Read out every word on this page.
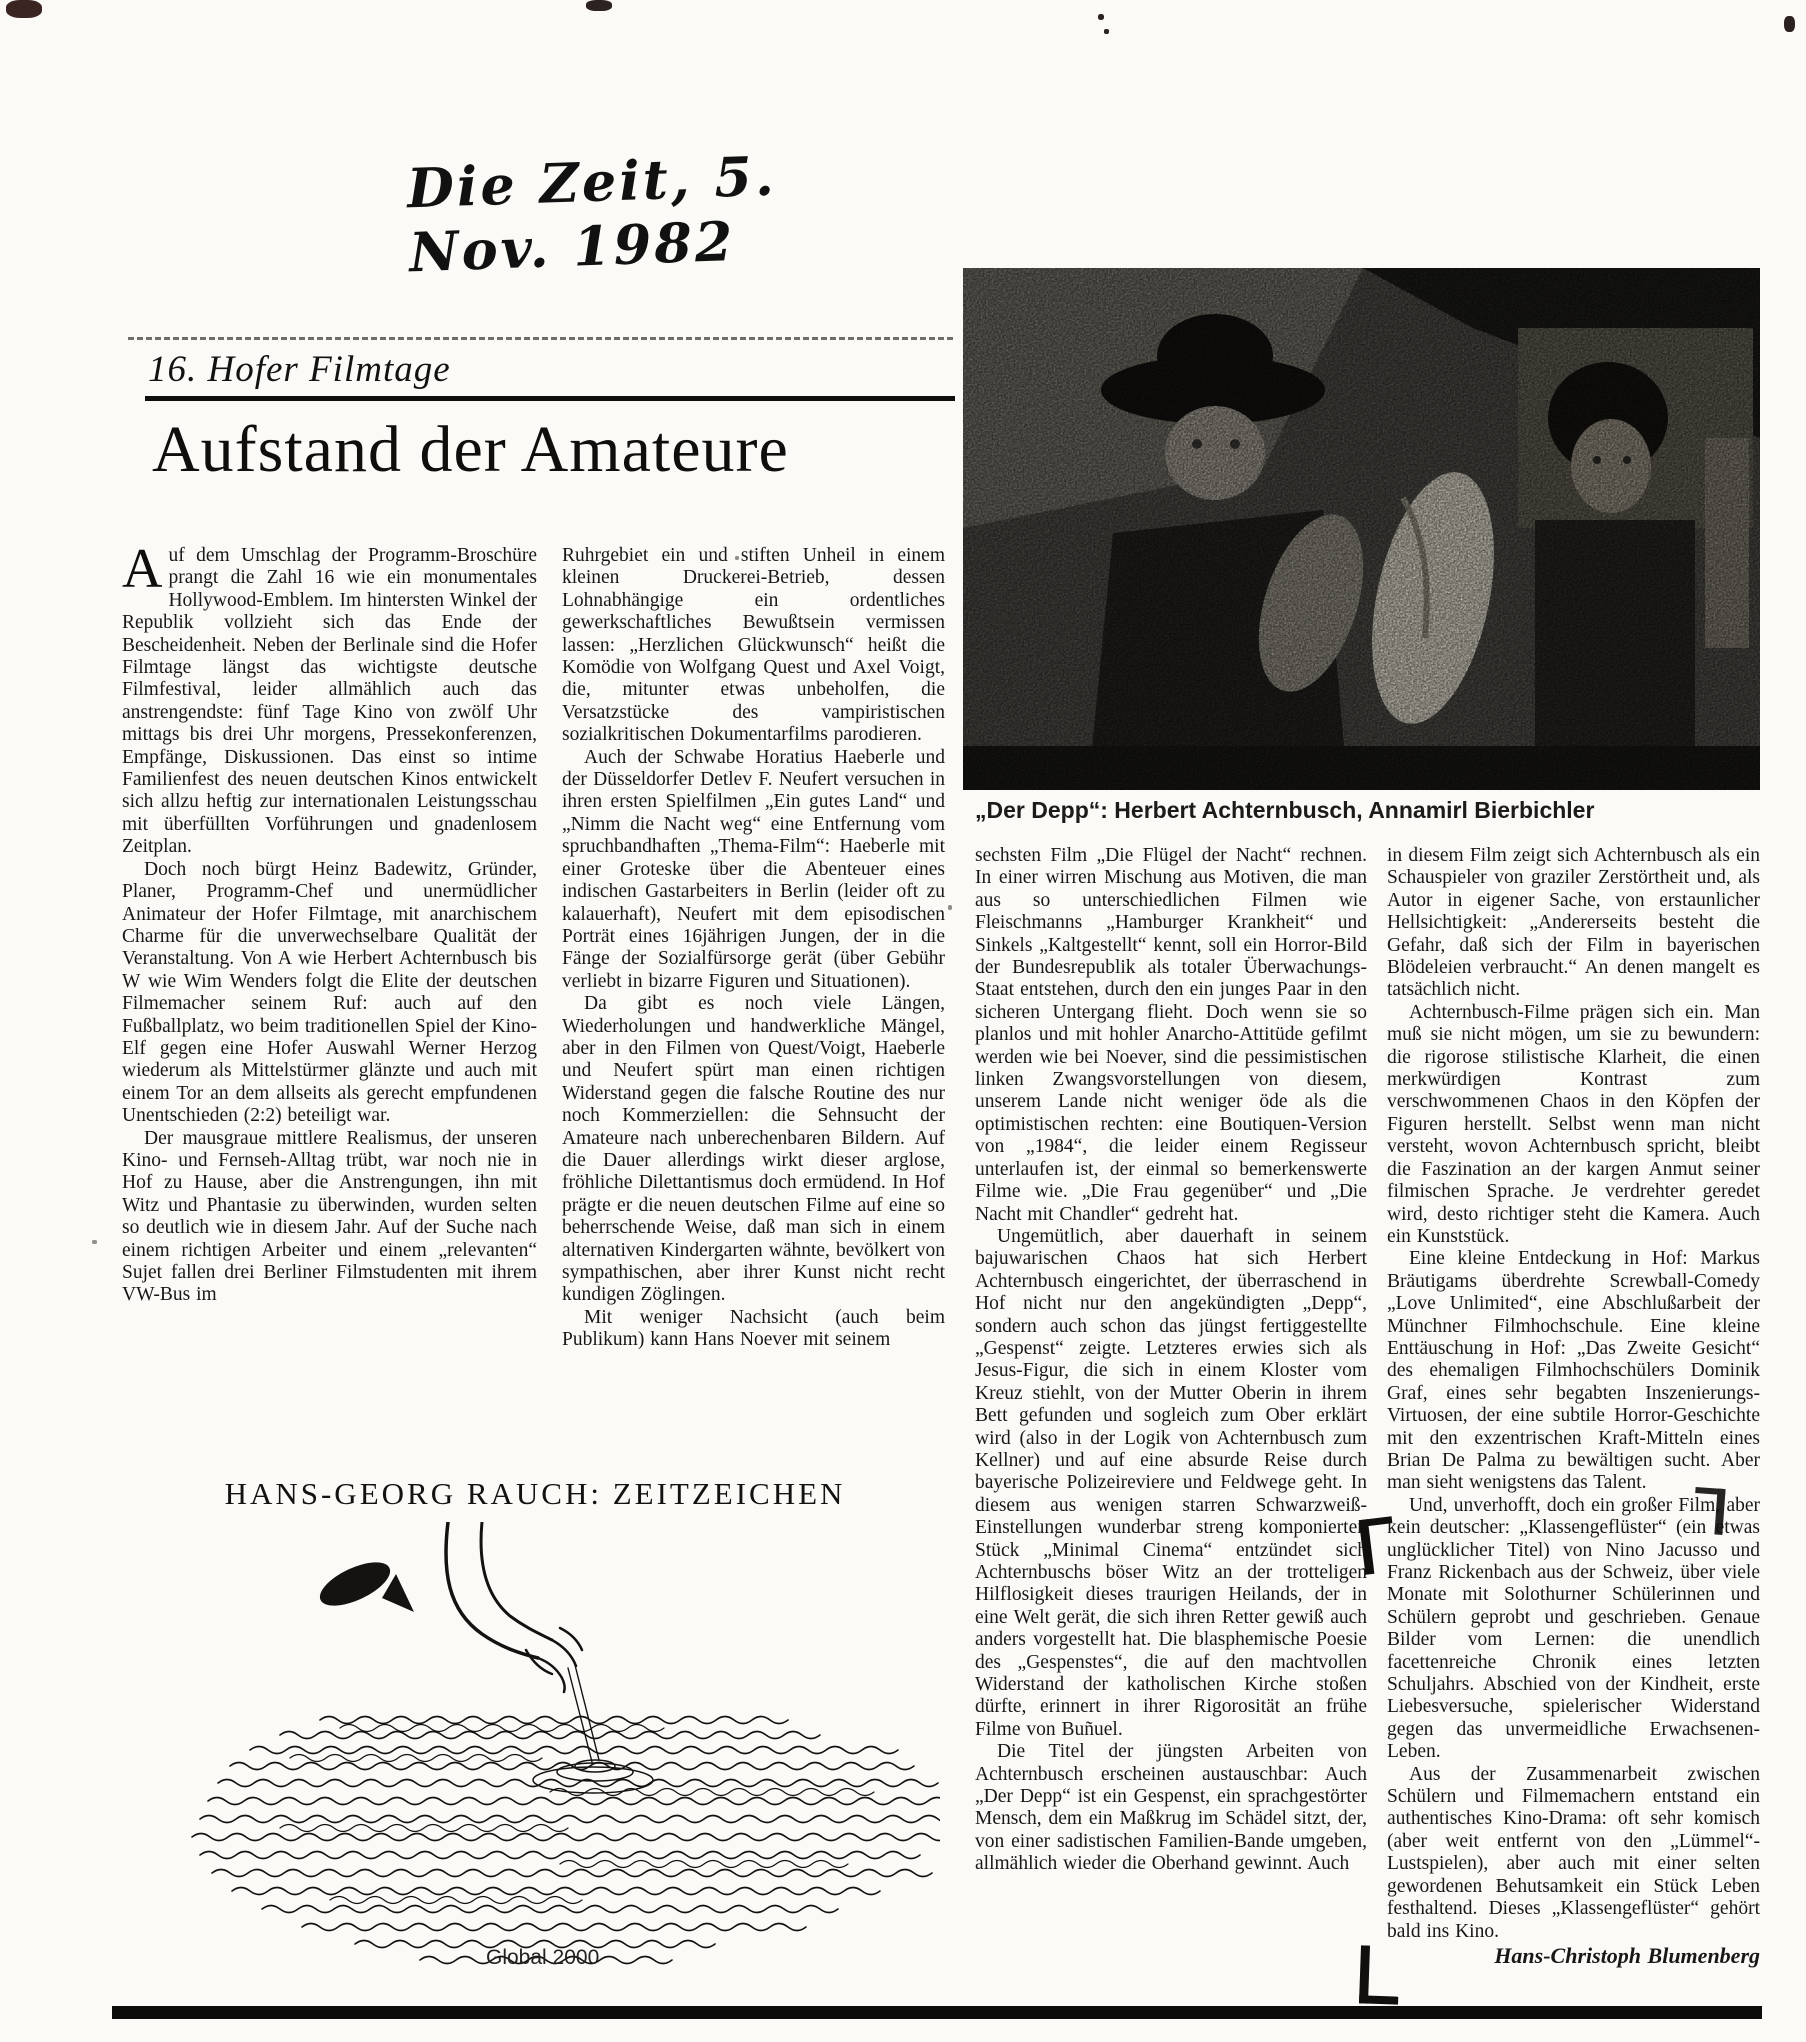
Die Zeit, 5. Nov. 1982
16. Hofer Filmtage
Aufstand der Amateure

Auf dem Umschlag der Programm-Broschüre prangt die Zahl 16 wie ein monumentales Hollywood-Emblem. Im hintersten Winkel der Republik vollzieht sich das Ende der Bescheidenheit. Neben der Berlinale sind die Hofer Filmtage längst das wichtigste deutsche Filmfestival, leider allmählich auch das anstrengendste: fünf Tage Kino von zwölf Uhr mittags bis drei Uhr morgens, Pressekonferenzen, Empfänge, Diskussionen. Das einst so intime Familienfest des neuen deutschen Kinos entwickelt sich allzu heftig zur internationalen Leistungsschau mit überfüllten Vorführungen und gnadenlosem Zeitplan.

Doch noch bürgt Heinz Badewitz, Gründer, Planer, Programm-Chef und unermüdlicher Animateur der Hofer Filmtage, mit anarchischem Charme für die unverwechselbare Qualität der Veranstaltung. Von A wie Herbert Achternbusch bis W wie Wim Wenders folgt die Elite der deutschen Filmemacher seinem Ruf: auch auf den Fußballplatz, wo beim traditionellen Spiel der Kino-Elf gegen eine Hofer Auswahl Werner Herzog wiederum als Mittelstürmer glänzte und auch mit einem Tor an dem allseits als gerecht empfundenen Unentschieden (2:2) beteiligt war.

Der mausgraue mittlere Realismus, der unseren Kino- und Fernseh-Alltag trübt, war noch nie in Hof zu Hause, aber die Anstrengungen, ihn mit Witz und Phantasie zu überwinden, wurden selten so deutlich wie in diesem Jahr. Auf der Suche nach einem richtigen Arbeiter und einem „relevanten“ Sujet fallen drei Berliner Filmstudenten mit ihrem VW-Bus im

Ruhrgebiet ein und stiften Unheil in einem kleinen Druckerei-Betrieb, dessen Lohnabhängige ein ordentliches gewerkschaftliches Bewußtsein vermissen lassen: „Herzlichen Glückwunsch“ heißt die Komödie von Wolfgang Quest und Axel Voigt, die, mitunter etwas unbeholfen, die Versatzstücke des vampiristischen sozialkritischen Dokumentarfilms parodieren.

Auch der Schwabe Horatius Haeberle und der Düsseldorfer Detlev F. Neufert versuchen in ihren ersten Spielfilmen „Ein gutes Land“ und „Nimm die Nacht weg“ eine Entfernung vom spruchbandhaften „Thema-Film“: Haeberle mit einer Groteske über die Abenteuer eines indischen Gastarbeiters in Berlin (leider oft zu kalauerhaft), Neufert mit dem episodischen Porträt eines 16jährigen Jungen, der in die Fänge der Sozialfürsorge gerät (über Gebühr verliebt in bizarre Figuren und Situationen).

Da gibt es noch viele Längen, Wiederholungen und handwerkliche Mängel, aber in den Filmen von Quest/Voigt, Haeberle und Neufert spürt man einen richtigen Widerstand gegen die falsche Routine des nur noch Kommerziellen: die Sehnsucht der Amateure nach unberechenbaren Bildern. Auf die Dauer allerdings wirkt dieser arglose, fröhliche Dilettantismus doch ermüdend. In Hof prägte er die neuen deutschen Filme auf eine so beherrschende Weise, daß man sich in einem alternativen Kindergarten wähnte, bevölkert von sympathischen, aber ihrer Kunst nicht recht kundigen Zöglingen.

Mit weniger Nachsicht (auch beim Publikum) kann Hans Noever mit seinem

„Der Depp“: Herbert Achternbusch, Annamirl Bierbichler

sechsten Film „Die Flügel der Nacht“ rechnen. In einer wirren Mischung aus Motiven, die man aus so unterschiedlichen Filmen wie Fleischmanns „Hamburger Krankheit“ und Sinkels „Kaltgestellt“ kennt, soll ein Horror-Bild der Bundesrepublik als totaler Überwachungs-Staat entstehen, durch den ein junges Paar in den sicheren Untergang flieht. Doch wenn sie so planlos und mit hohler Anarcho-Attitüde gefilmt werden wie bei Noever, sind die pessimistischen linken Zwangsvorstellungen von diesem, unserem Lande nicht weniger öde als die optimistischen rechten: eine Boutiquen-Version von „1984“, die leider einem Regisseur unterlaufen ist, der einmal so bemerkenswerte Filme wie. „Die Frau gegenüber“ und „Die Nacht mit Chandler“ gedreht hat.

Ungemütlich, aber dauerhaft in seinem bajuwarischen Chaos hat sich Herbert Achternbusch eingerichtet, der überraschend in Hof nicht nur den angekündigten „Depp“, sondern auch schon das jüngst fertiggestellte „Gespenst“ zeigte. Letzteres erwies sich als Jesus-Figur, die sich in einem Kloster vom Kreuz stiehlt, von der Mutter Oberin in ihrem Bett gefunden und sogleich zum Ober erklärt wird (also in der Logik von Achternbusch zum Kellner) und auf eine absurde Reise durch bayerische Polizeireviere und Feldwege geht. In diesem aus wenigen starren Schwarzweiß-Einstellungen wunderbar streng komponierten Stück „Minimal Cinema“ entzündet sich Achternbuschs böser Witz an der trotteligen Hilflosigkeit dieses traurigen Heilands, der in eine Welt gerät, die sich ihren Retter gewiß auch anders vorgestellt hat. Die blasphemische Poesie des „Gespenstes“, die auf den machtvollen Widerstand der katholischen Kirche stoßen dürfte, erinnert in ihrer Rigorosität an frühe Filme von Buñuel.

Die Titel der jüngsten Arbeiten von Achternbusch erscheinen austauschbar: Auch „Der Depp“ ist ein Gespenst, ein sprachgestörter Mensch, dem ein Maßkrug im Schädel sitzt, der, von einer sadistischen Familien-Bande umgeben, allmählich wieder die Oberhand gewinnt. Auch

in diesem Film zeigt sich Achternbusch als ein Schauspieler von graziler Zerstörtheit und, als Autor in eigener Sache, von erstaunlicher Hellsichtigkeit: „Andererseits besteht die Gefahr, daß sich der Film in bayerischen Blödeleien verbraucht.“ An denen mangelt es tatsächlich nicht.

Achternbusch-Filme prägen sich ein. Man muß sie nicht mögen, um sie zu bewundern: die rigorose stilistische Klarheit, die einen merkwürdigen Kontrast zum verschwommenen Chaos in den Köpfen der Figuren herstellt. Selbst wenn man nicht versteht, wovon Achternbusch spricht, bleibt die Faszination an der kargen Anmut seiner filmischen Sprache. Je verdrehter geredet wird, desto richtiger steht die Kamera. Auch ein Kunststück.

Eine kleine Entdeckung in Hof: Markus Bräutigams überdrehte Screwball-Comedy „Love Unlimited“, eine Abschlußarbeit der Münchner Filmhochschule. Eine kleine Enttäuschung in Hof: „Das Zweite Gesicht“ des ehemaligen Filmhochschülers Dominik Graf, eines sehr begabten Inszenierungs-Virtuosen, der eine subtile Horror-Geschichte mit den exzentrischen Kraft-Mitteln eines Brian De Palma zu bewältigen sucht. Aber man sieht wenigstens das Talent.

Und, unverhofft, doch ein großer Film, aber kein deutscher: „Klassengeflüster“ (ein etwas unglücklicher Titel) von Nino Jacusso und Franz Rickenbach aus der Schweiz, über viele Monate mit Solothurner Schülerinnen und Schülern geprobt und geschrieben. Genaue Bilder vom Lernen: die unendlich facettenreiche Chronik eines letzten Schuljahrs. Abschied von der Kindheit, erste Liebesversuche, spielerischer Widerstand gegen das unvermeidliche Erwachsenen-Leben.

Aus der Zusammenarbeit zwischen Schülern und Filmemachern entstand ein authentisches Kino-Drama: oft sehr komisch (aber weit entfernt von den „Lümmel“-Lustspielen), aber auch mit einer selten gewordenen Behutsamkeit ein Stück Leben festhaltend. Dieses „Klassengeflüster“ gehört bald ins Kino.

Hans-Christoph Blumenberg
HANS-GEORG RAUCH: ZEITZEICHEN
Global 2000
